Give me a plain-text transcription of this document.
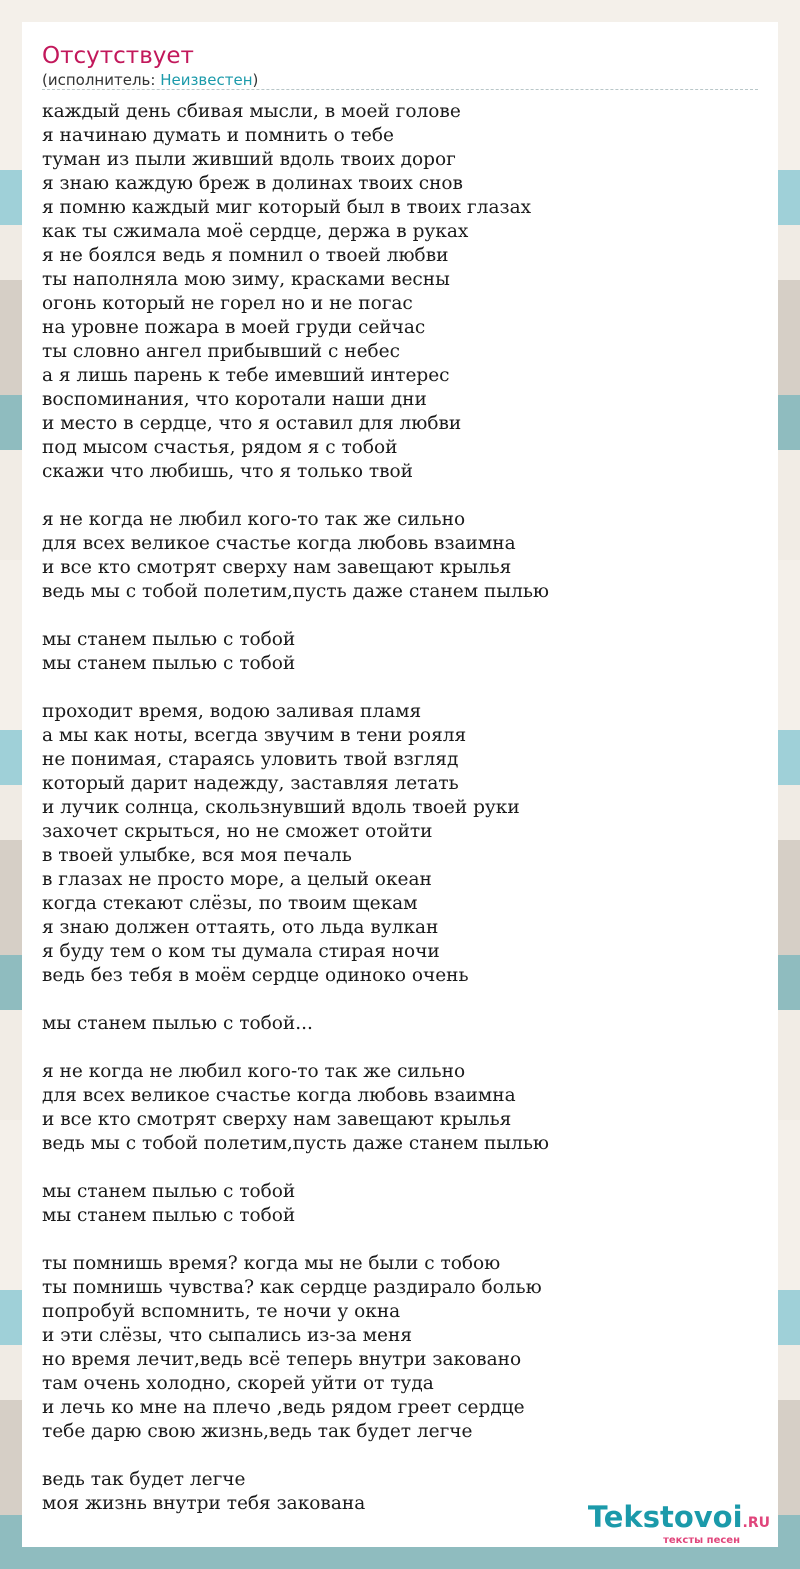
Отсутствует
(исполнитель: Неизвестен)
каждый день сбивая мысли, в моей голове
я начинаю думать и помнить о тебе
туман из пыли живший вдоль твоих дорог
я знаю каждую бреж в долинах твоих снов
я помню каждый миг который был в твоих глазах
как ты сжимала моё сердце, держа в руках
я не боялся ведь я помнил о твоей любви
ты наполняла мою зиму, красками весны
огонь который не горел но и не погас
на уровне пожара в моей груди сейчас
ты словно ангел прибывший с небес
а я лишь парень к тебе имевший интерес
воспоминания, что коротали наши дни
и место в сердце, что я оставил для любви
под мысом счастья, рядом я с тобой
скажи что любишь, что я только твой

я не когда не любил кого-то так же сильно
для всех великое счастье когда любовь взаимна
и все кто смотрят сверху нам завещают крылья
ведь мы с тобой полетим,пусть даже станем пылью

мы станем пылью с тобой
мы станем пылью с тобой

проходит время, водою заливая пламя
а мы как ноты, всегда звучим в тени рояля
не понимая, стараясь уловить твой взгляд
который дарит надежду, заставляя летать
и лучик солнца, скользнувший вдоль твоей руки
захочет скрыться, но не сможет отойти
в твоей улыбке, вся моя печаль
в глазах не просто море, а целый океан
когда стекают слёзы, по твоим щекам
я знаю должен оттаять, ото льда вулкан
я буду тем о ком ты думала стирая ночи
ведь без тебя в моём сердце одиноко очень

мы станем пылью с тобой...

я не когда не любил кого-то так же сильно
для всех великое счастье когда любовь взаимна
и все кто смотрят сверху нам завещают крылья
ведь мы с тобой полетим,пусть даже станем пылью

мы станем пылью с тобой
мы станем пылью с тобой

ты помнишь время? когда мы не были с тобою
ты помнишь чувства? как сердце раздирало болью
попробуй вспомнить, те ночи у окна
и эти слёзы, что сыпались из-за меня
но время лечит,ведь всё теперь внутри заковано
там очень холодно, скорей уйти от туда
и лечь ко мне на плечо ,ведь рядом греет сердце
тебе дарю свою жизнь,ведь так будет легче

ведь так будет легче
моя жизнь внутри тебя закована	Tekstovoi.RU
тексты песен
